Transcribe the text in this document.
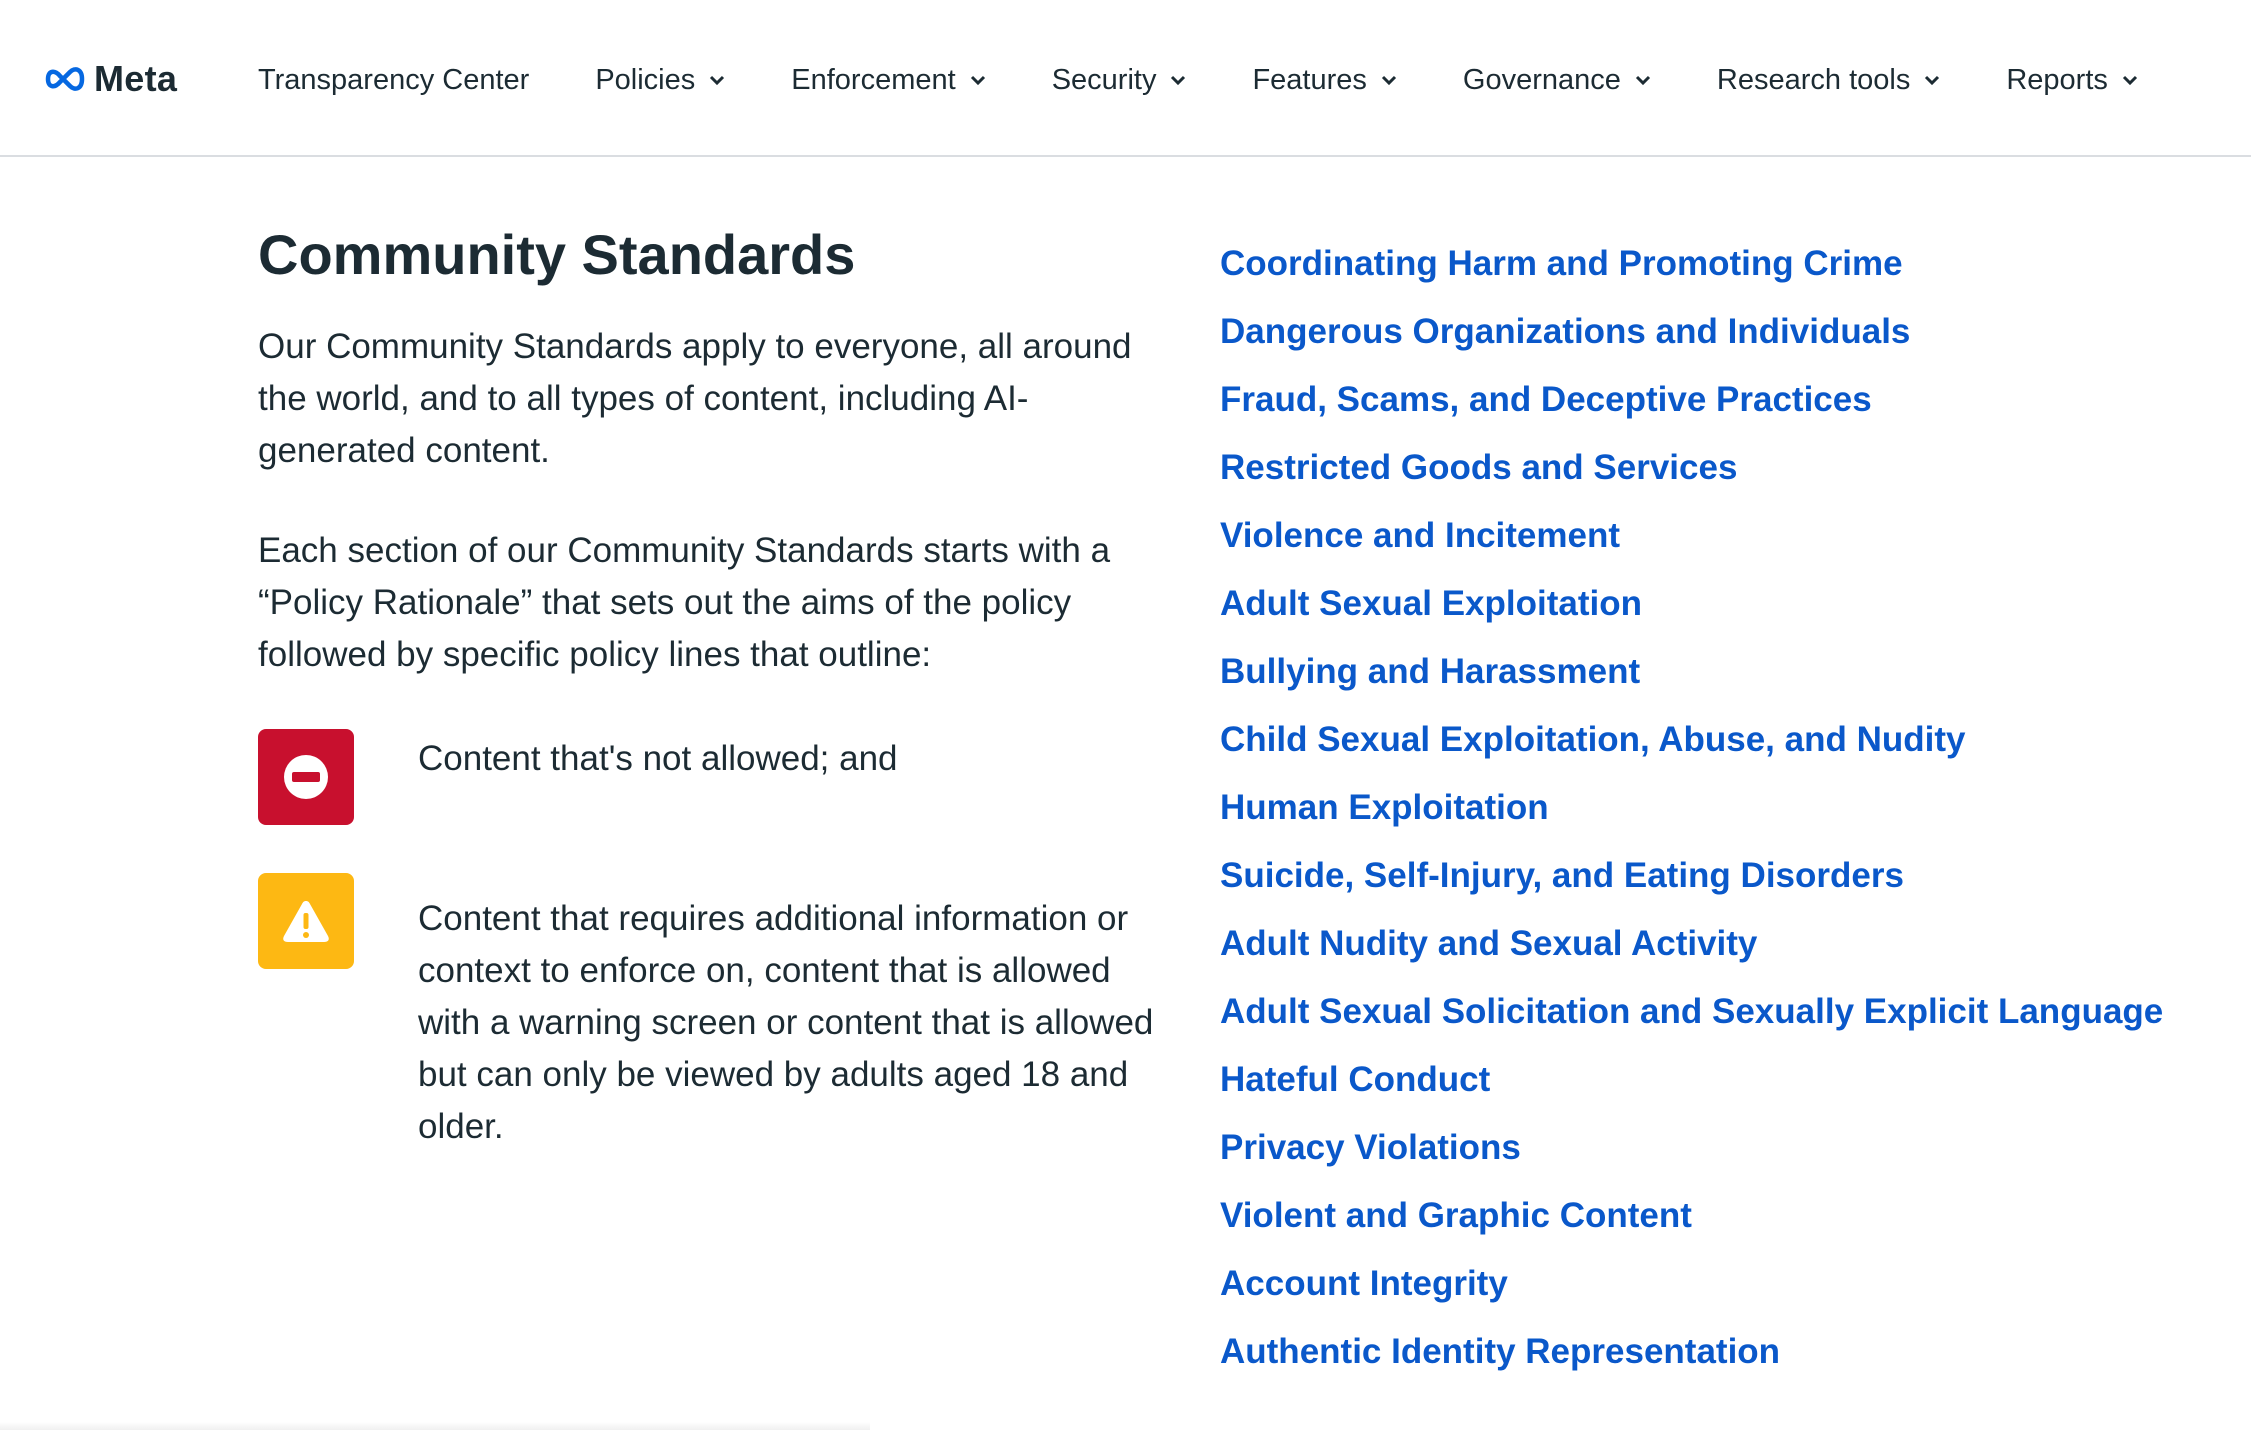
Meta	Transparency Center Policies	Enforcement	Security	Features	Governance	Research tools	Reports
Community Standards

Our Community Standards apply to everyone, all around the world, and to all types of content, including AI-generated content.

Each section of our Community Standards starts with a “Policy Rationale” that sets out the aims of the policy followed by specific policy lines that outline:

Content that's not allowed; and
Content that requires additional information or context to enforce on, content that is allowed with a warning screen or content that is allowed but can only be viewed by adults aged 18 and older.
Coordinating Harm and Promoting Crime
Dangerous Organizations and Individuals
Fraud, Scams, and Deceptive Practices
Restricted Goods and Services
Violence and Incitement
Adult Sexual Exploitation
Bullying and Harassment
Child Sexual Exploitation, Abuse, and Nudity
Human Exploitation
Suicide, Self-Injury, and Eating Disorders
Adult Nudity and Sexual Activity
Adult Sexual Solicitation and Sexually Explicit Language
Hateful Conduct
Privacy Violations
Violent and Graphic Content
Account Integrity
Authentic Identity Representation
